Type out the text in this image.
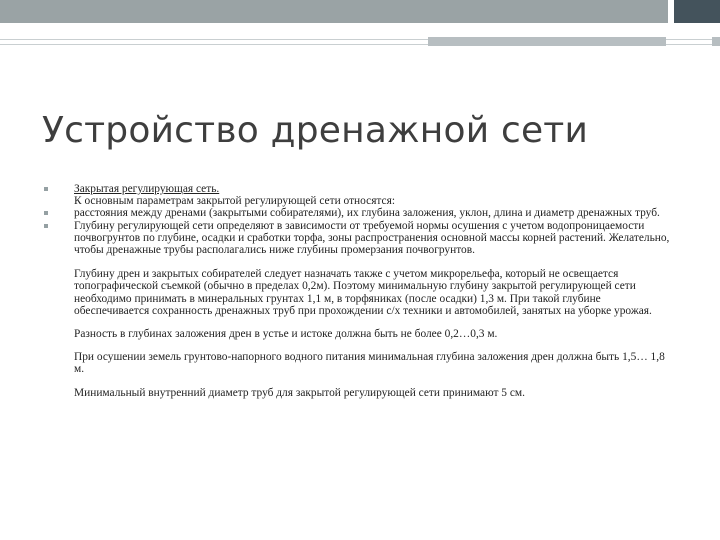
Устройство дренажной сети

Закрытая регулирующая сеть.

К основным параметрам закрытой регулирующей сети относятся:

расстояния между дренами (закрытыми собирателями), их глубина заложения, уклон, длина и диаметр дренажных труб.

Глубину регулирующей сети определяют в зависимости от требуемой нормы осушения с учетом водопроницаемости почвогрунтов по глубине, осадки и сработки торфа, зоны распространения основной массы корней растений. Желательно, чтобы дренажные трубы располагались ниже глубины промерзания почвогрунтов.

Глубину дрен и закрытых собирателей следует назначать также с учетом микрорельефа, который не освещается топографической съемкой (обычно в пределах 0,2м). Поэтому минимальную глубину закрытой регулирующей сети необходимо принимать в минеральных грунтах 1,1 м, в торфяниках (после осадки) 1,3 м. При такой глубине обеспечивается сохранность дренажных труб при прохождении с/х техники и автомобилей, занятых на уборке урожая.

Разность в глубинах заложения дрен в устье и истоке должна быть не более 0,2…0,3 м.

При осушении земель грунтово-напорного водного питания минимальная глубина заложения дрен должна быть 1,5… 1,8 м.

Минимальный внутренний диаметр труб для закрытой регулирующей сети принимают 5 см.
